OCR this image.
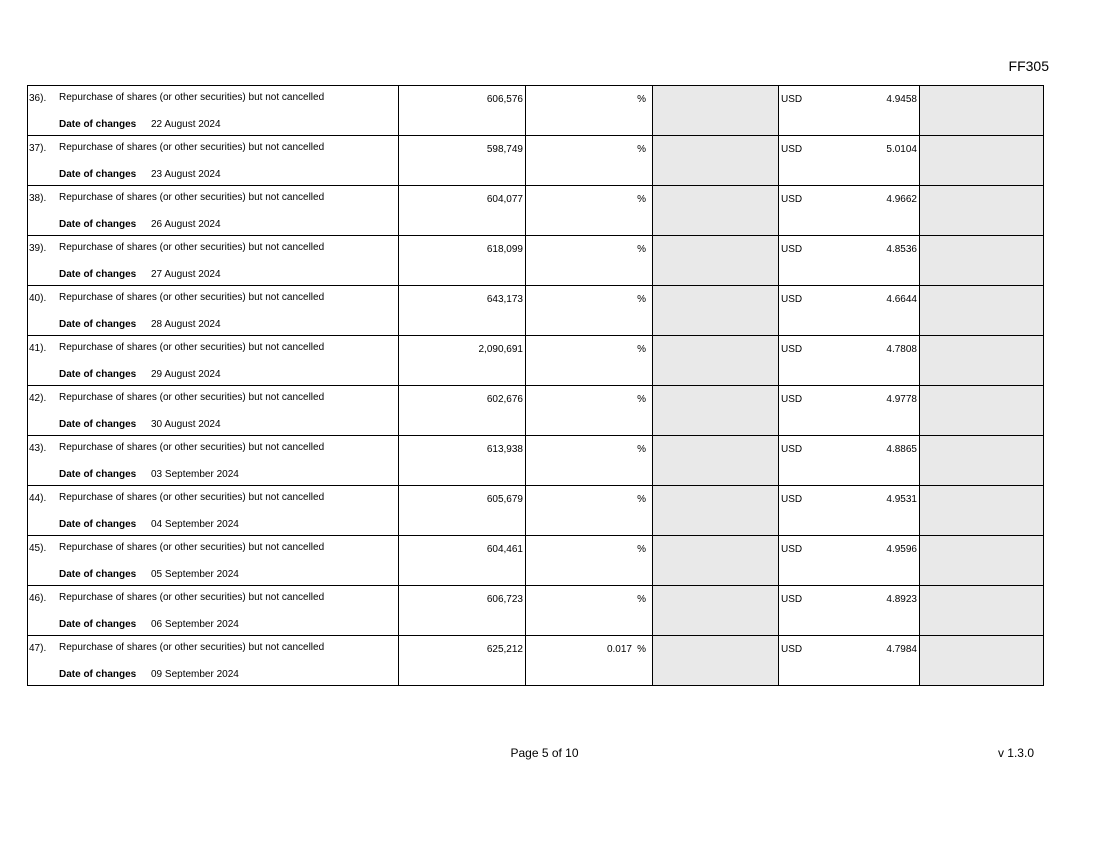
FF305
36). Repurchase of shares (or other securities) but not cancelled
Date of changes 22 August 2024	606,576	%		USD 4.9458	

37). Repurchase of shares (or other securities) but not cancelled
Date of changes 23 August 2024	598,749	%		USD 5.0104	

38). Repurchase of shares (or other securities) but not cancelled
Date of changes 26 August 2024	604,077	%		USD 4.9662	

39). Repurchase of shares (or other securities) but not cancelled
Date of changes 27 August 2024	618,099	%		USD 4.8536	

40). Repurchase of shares (or other securities) but not cancelled
Date of changes 28 August 2024	643,173	%		USD 4.6644	

41). Repurchase of shares (or other securities) but not cancelled
Date of changes 29 August 2024	2,090,691	%		USD 4.7808	

42). Repurchase of shares (or other securities) but not cancelled
Date of changes 30 August 2024	602,676	%		USD 4.9778	

43). Repurchase of shares (or other securities) but not cancelled
Date of changes 03 September 2024	613,938	%		USD 4.8865	

44). Repurchase of shares (or other securities) but not cancelled
Date of changes 04 September 2024	605,679	%		USD 4.9531	

45). Repurchase of shares (or other securities) but not cancelled
Date of changes 05 September 2024	604,461	%		USD 4.9596	

46). Repurchase of shares (or other securities) but not cancelled
Date of changes 06 September 2024	606,723	%		USD 4.8923	

47). Repurchase of shares (or other securities) but not cancelled
Date of changes 09 September 2024	625,212	0.017 %		USD 4.7984	

Page 5 of 10	v 1.3.0
